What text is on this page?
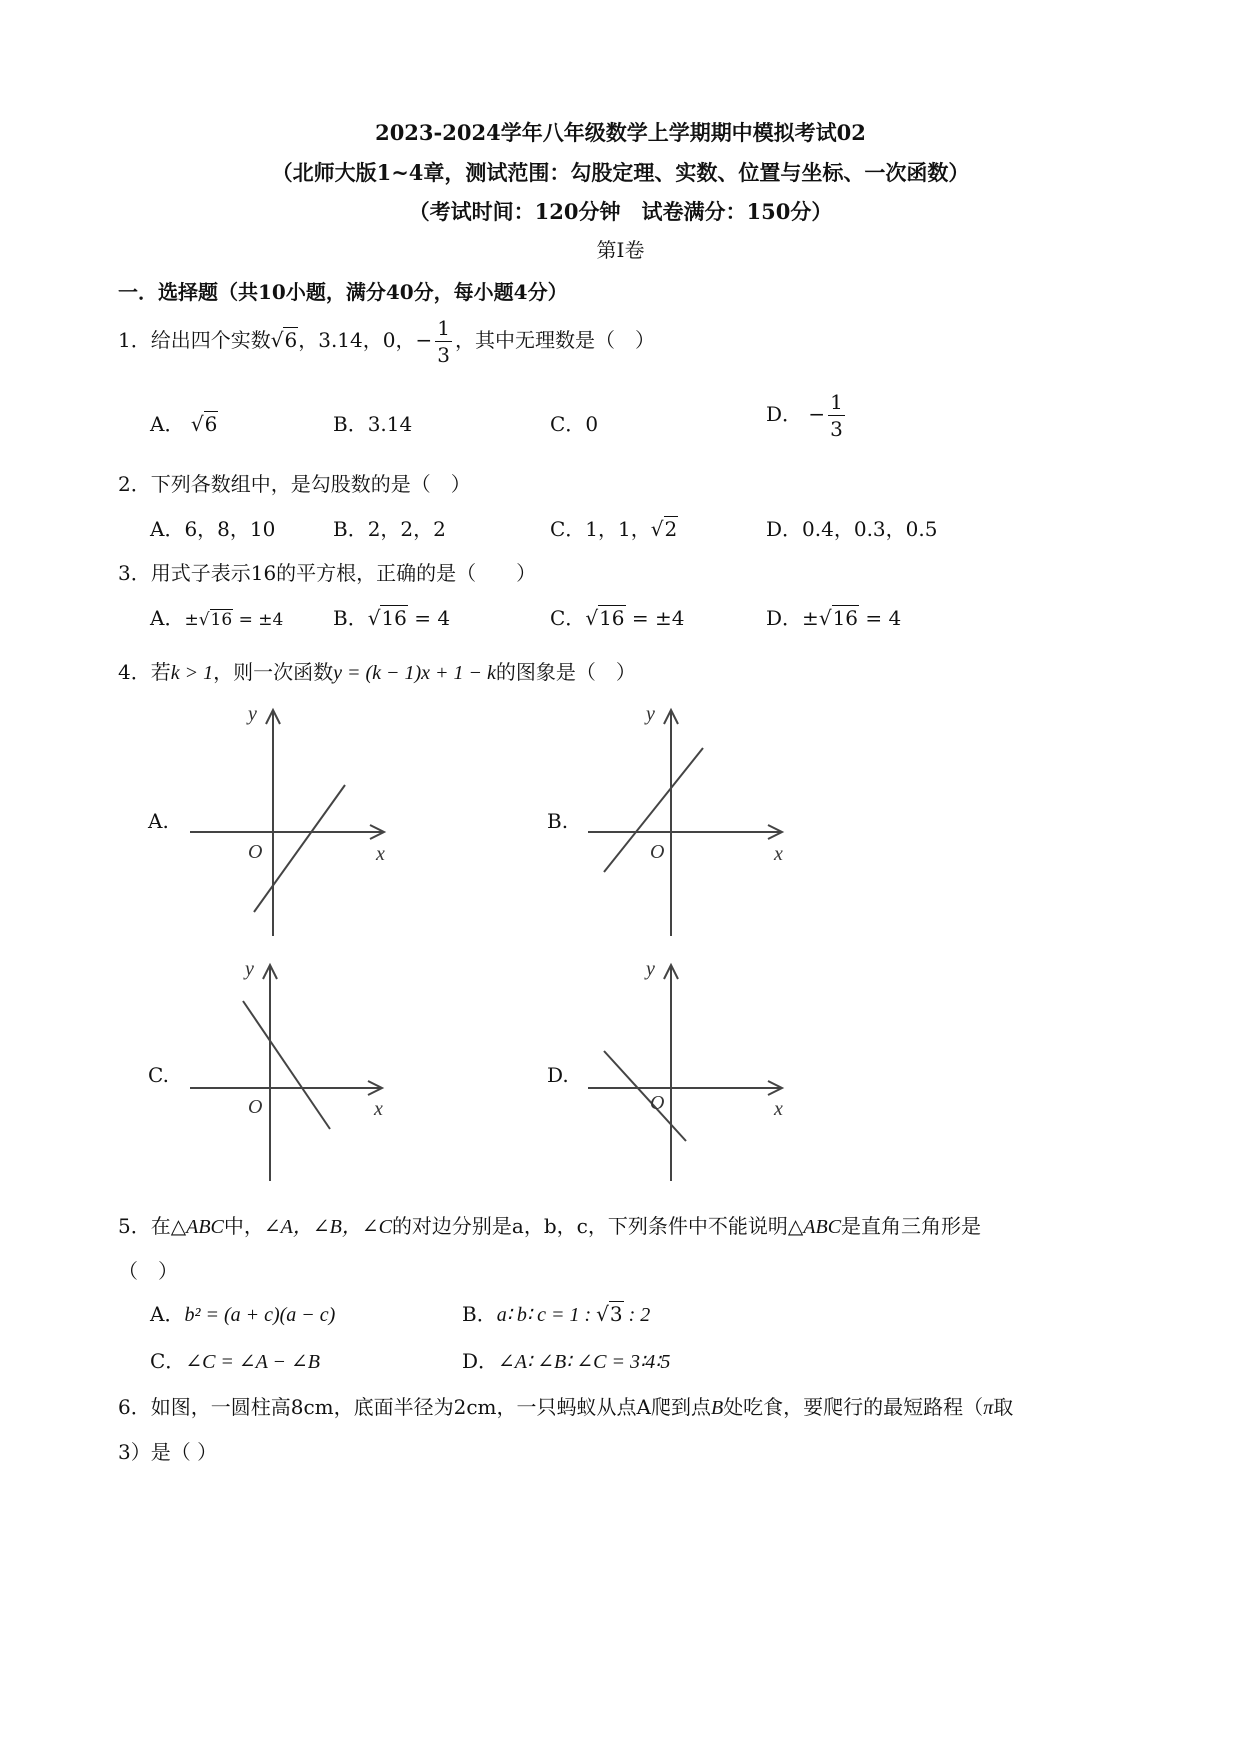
2023-2024学年八年级数学上学期期中模拟考试02
（北师大版1~4章，测试范围：勾股定理、实数、位置与坐标、一次函数）
（考试时间：120分钟　试卷满分：150分）
第Ⅰ卷
一．选择题（共10小题，满分40分，每小题4分）
1．给出四个实数√6，3.14，0，− $\frac{1}{3}$ ，其中无理数是（　）
A． √6	B．3.14	C．0	D． − $\frac{1}{3}$
2．下列各数组中，是勾股数的是（　）
A．6，8，10	B．2，2，2	C．1，1，√2	D．0.4，0.3，0.5
3．用式子表示16的平方根，正确的是（　　）
A．±√16 = ±4 B．√16 = 4	C．√16 = ±4	D．±√16 = 4
4．若k > 1，则一次函数y = (k − 1)x + 1 − k的图象是（　）
A.
y
x
O
B.
y
x
O
C.
y
x
O
D.
y
x
O
5．在△ABC中，∠A，∠B，∠C的对边分别是a，b，c，下列条件中不能说明△ABC是直角三角形是
（　）
A．b² = (a + c)(a − c)	B．a∶ b∶ c = 1 : √3 : 2
C．∠C = ∠A − ∠B	D．∠A∶ ∠B∶ ∠C = 3∶4∶5
6．如图，一圆柱高8cm，底面半径为2cm，一只蚂蚁从点A爬到点B处吃食，要爬行的最短路程（π取
3）是（ ）
